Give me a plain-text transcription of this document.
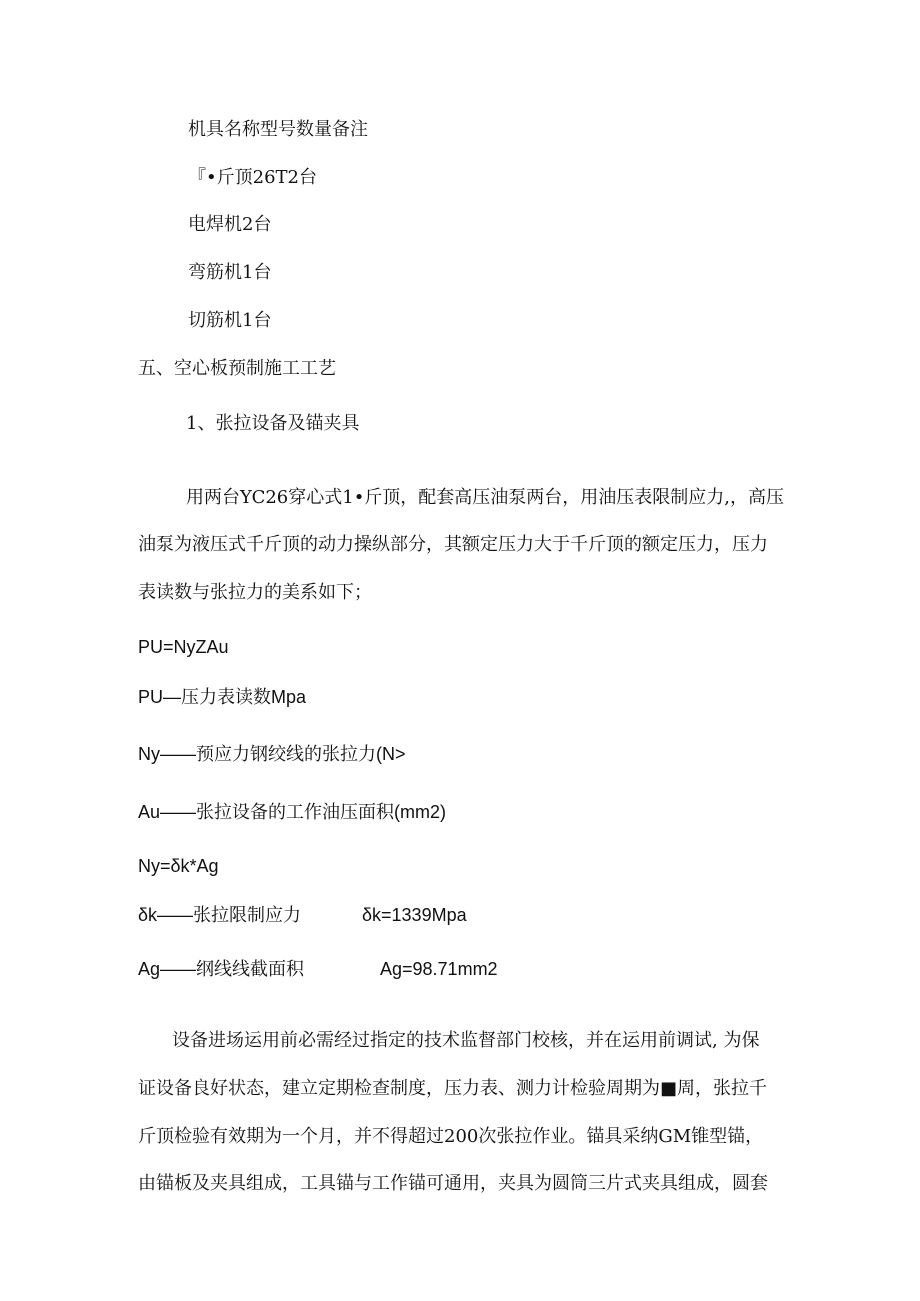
机具名称型号数量备注
『•斤顶26T2台
电焊机2台
弯筋机1台
切筋机1台
五、空心板预制施工工艺
1、张拉设备及锚夹具
用两台YC26穿心式1•斤顶，配套高压油泵两台，用油压表限制应力,，高压
油泵为液压式千斤顶的动力操纵部分，其额定压力大于千斤顶的额定压力，压力
表读数与张拉力的美系如下；
PU=NyZAu
PU—压力表读数Mpa
Ny——预应力钢绞线的张拉力(N>
Au——张拉设备的工作油压面积(mm2)
Ny=δk*Ag
δk——张拉限制应力	δk=1339Mpa
Ag——纲线线截面积	Ag=98.71mm2
设备进场运用前必需经过指定的技术监督部门校核，并在运用前调试, 为保
证设备良好状态，建立定期检查制度，压力表、测力计检验周期为■周，张拉千
斤顶检验有效期为一个月，并不得超过200次张拉作业。锚具采纳GM锥型锚，
由锚板及夹具组成，工具锚与工作锚可通用，夹具为圆筒三片式夹具组成，圆套
